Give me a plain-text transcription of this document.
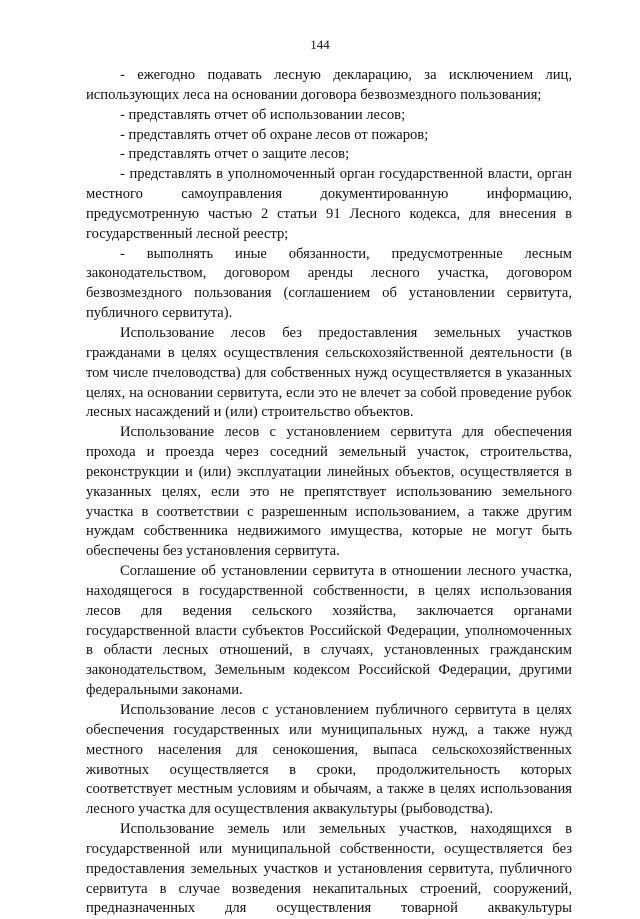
144

- ежегодно подавать лесную декларацию, за исключением лиц, использующих леса на основании договора безвозмездного пользования;

- представлять отчет об использовании лесов;

- представлять отчет об охране лесов от пожаров;

- представлять отчет о защите лесов;

- представлять в уполномоченный орган государственной власти, орган местного самоуправления документированную информацию, предусмотренную частью 2 статьи 91 Лесного кодекса, для внесения в государственный лесной реестр;

- выполнять иные обязанности, предусмотренные лесным законодательством, договором аренды лесного участка, договором безвозмездного пользования (соглашением об установлении сервитута, публичного сервитута).

Использование лесов без предоставления земельных участков гражданами в целях осуществления сельскохозяйственной деятельности (в том числе пчеловодства) для собственных нужд осуществляется в указанных целях, на основании сервитута, если это не влечет за собой проведение рубок лесных насаждений и (или) строительство объектов.

Использование лесов с установлением сервитута для обеспечения прохода и проезда через соседний земельный участок, строительства, реконструкции и (или) эксплуатации линейных объектов, осуществляется в указанных целях, если это не препятствует использованию земельного участка в соответствии с разрешенным использованием, а также другим нуждам собственника недвижимого имущества, которые не могут быть обеспечены без установления сервитута.

Соглашение об установлении сервитута в отношении лесного участка, находящегося в государственной собственности, в целях использования лесов для ведения сельского хозяйства, заключается органами государственной власти субъектов Российской Федерации, уполномоченных в области лесных отношений, в случаях, установленных гражданским законодательством, Земельным кодексом Российской Федерации, другими федеральными законами.

Использование лесов с установлением публичного сервитута в целях обеспечения государственных или муниципальных нужд, а также нужд местного населения для сенокошения, выпаса сельскохозяйственных животных осуществляется в сроки, продолжительность которых соответствует местным условиям и обычаям, а также в целях использования лесного участка для осуществления аквакультуры (рыбоводства).

Использование земель или земельных участков, находящихся в государственной или муниципальной собственности, осуществляется без предоставления земельных участков и установления сервитута, публичного сервитута в случае возведения некапитальных строений, сооружений, предназначенных для осуществления товарной аквакультуры
